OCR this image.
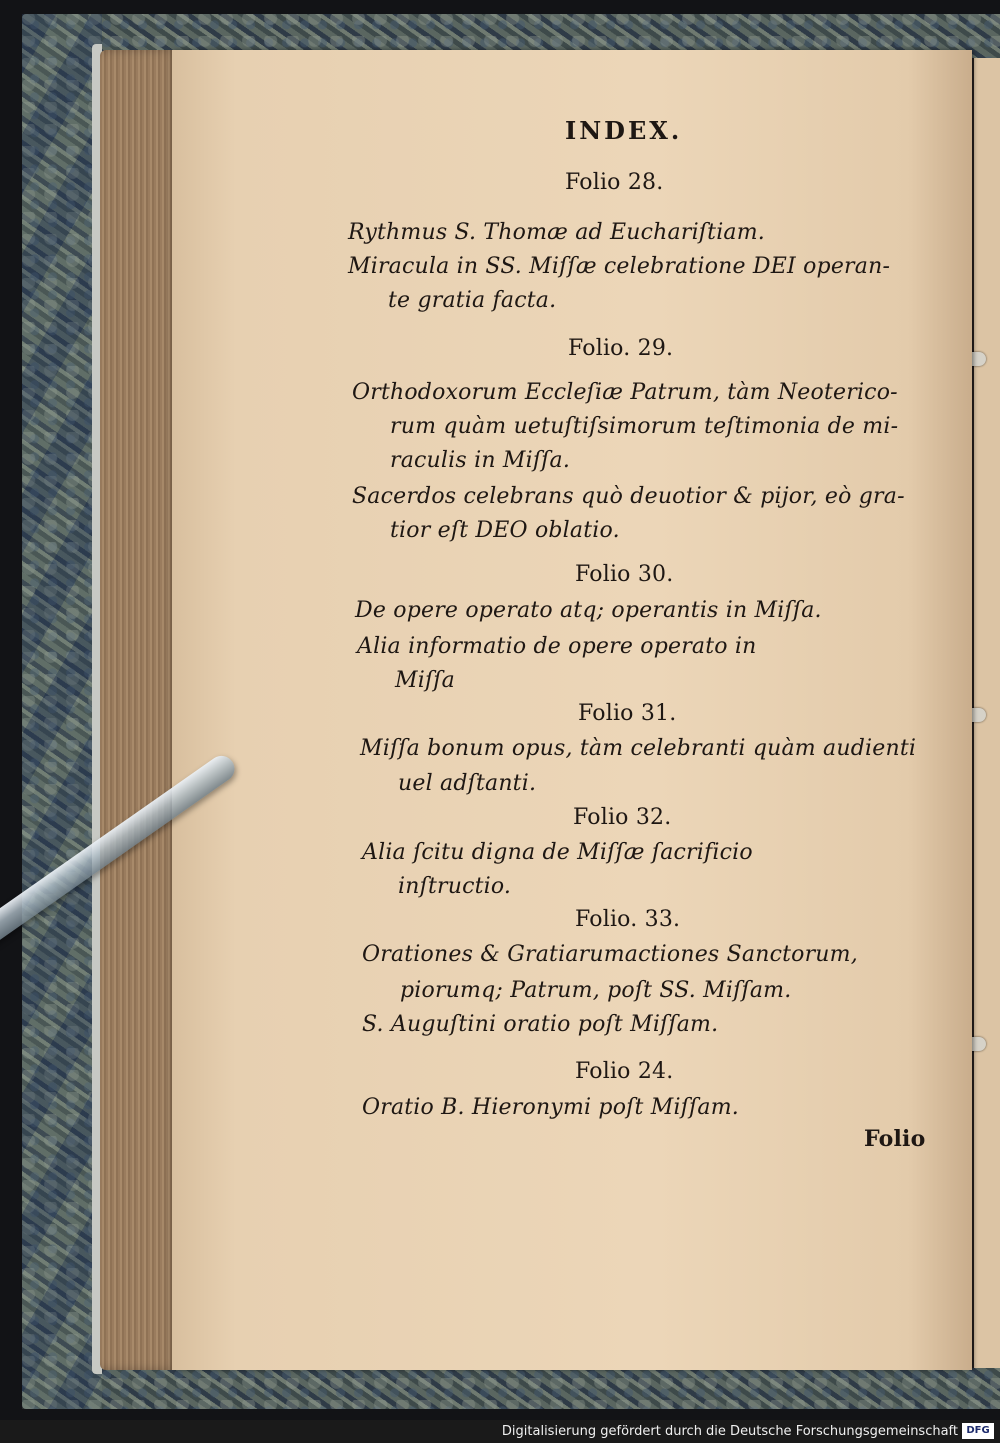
INDEX.
Folio 28.
Rythmus S. Thomæ ad Euchariſtiam.
Miracula in SS. Miſſæ celebratione DEI operan-
te gratia facta.
Folio. 29.
Orthodoxorum Eccleſiæ Patrum, tàm Neoterico-
rum quàm uetuſtiſsimorum teſtimonia de mi-
raculis in Miſſa.
Sacerdos celebrans quò deuotior & pijor, eò gra-
tior eſt DEO oblatio.
Folio 30.
De opere operato atq; operantis in Miſſa.
Alia informatio de opere operato in
Miſſa
Folio 31.
Miſſa bonum opus, tàm celebranti quàm audienti
uel adſtanti.
Folio 32.
Alia ſcitu digna de Miſſæ ſacrificio
inſtructio.
Folio. 33.
Orationes & Gratiarumactiones Sanctorum,
piorumq; Patrum, poſt SS. Miſſam.
S. Auguſtini oratio poſt Miſſam.
Folio 24.
Oratio B. Hieronymi poſt Miſſam.
Folio
Digitalisierung gefördert durch die Deutsche Forschungsgemeinschaft DFG
